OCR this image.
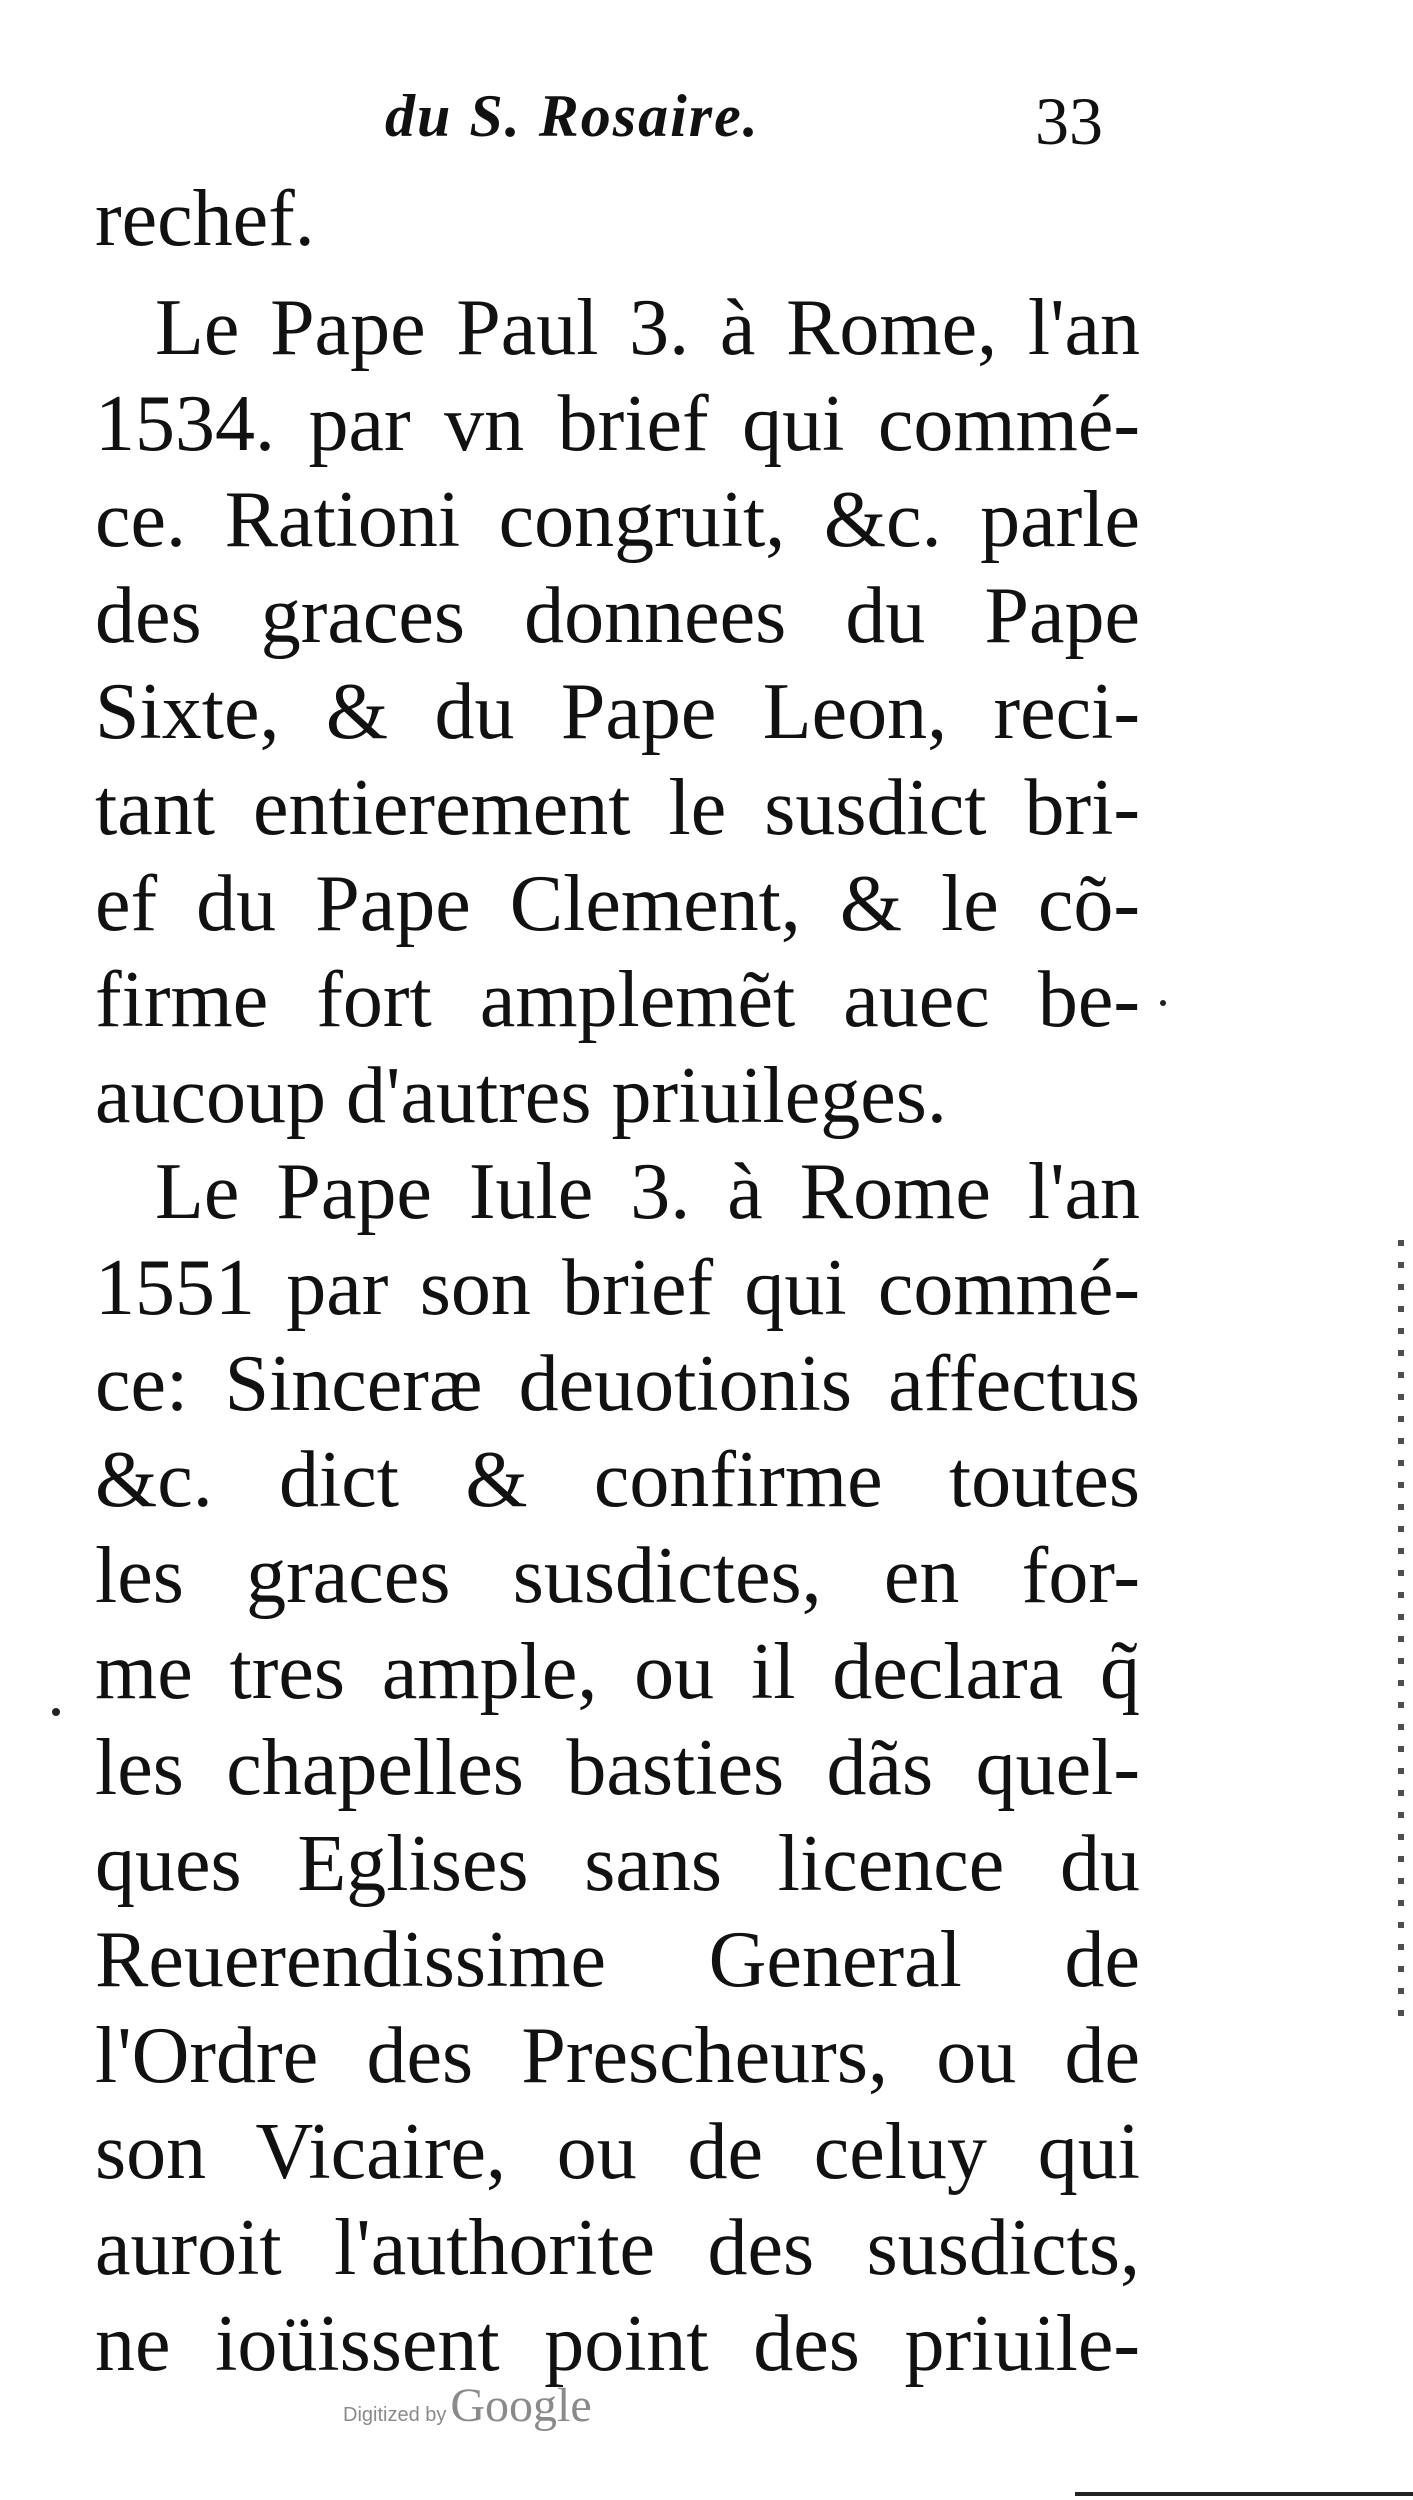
du S. Rosaire.	33
rechef.
Le Pape Paul 3. à Rome, l'an
1534. par vn brief qui commé-
ce. Rationi congruit, &c. parle
des graces donnees du Pape
Sixte, & du Pape Leon, reci-
tant entierement le susdict bri-
ef du Pape Clement, & le cõ-
firme fort amplemẽt auec be-
aucoup d'autres priuileges.
Le Pape Iule 3. à Rome l'an
1551 par son brief qui commé-
ce: Sinceræ deuotionis affectus
&c. dict & confirme toutes
les graces susdictes, en for-
me tres ample, ou il declara q̃
les chapelles basties dãs quel-
ques Eglises sans licence du
Reuerendissime General de
l'Ordre des Prescheurs, ou de
son Vicaire, ou de celuy qui
auroit l'authorite des susdicts,
ne ioüissent point des priuile-
Digitized by Google
